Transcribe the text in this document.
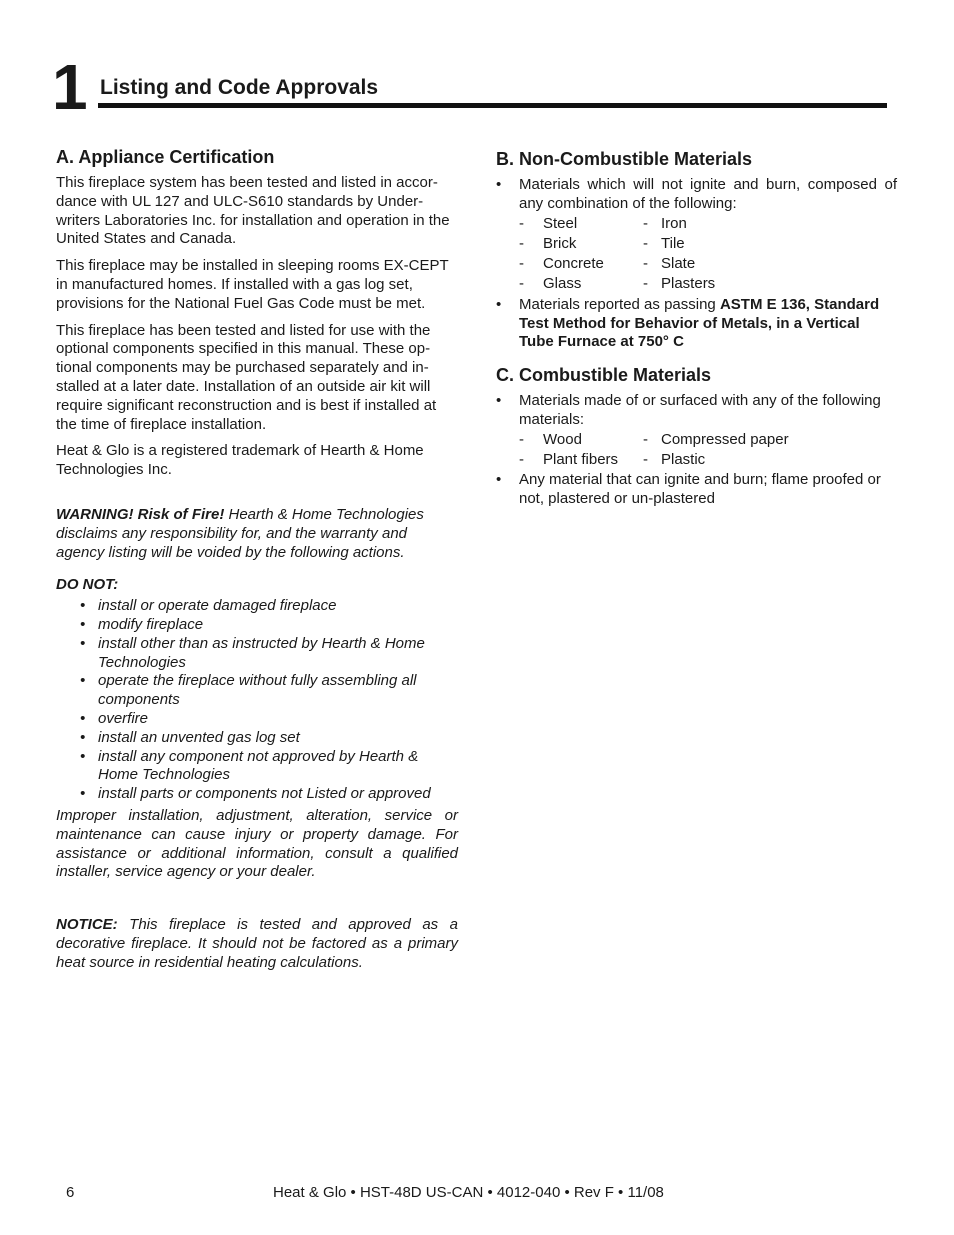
1 Listing and Code Approvals
A. Appliance Certification

This fireplace system has been tested and listed in accor-dance with UL 127 and ULC-S610 standards by Under-writers Laboratories Inc. for installation and operation in the United States and Canada.

This fireplace may be installed in sleeping rooms EX-CEPT in manufactured homes. If installed with a gas log set, provisions for the National Fuel Gas Code must be met.

This fireplace has been tested and listed for use with the optional components specified in this manual. These op-tional components may be purchased separately and in-stalled at a later date. Installation of an outside air kit will require significant reconstruction and is best if installed at the time of fireplace installation.

Heat & Glo is a registered trademark of Hearth & Home Technologies Inc.

WARNING! Risk of Fire! Hearth & Home Technologies disclaims any responsibility for, and the warranty and agency listing will be voided by the following actions.

DO NOT:
• install or operate damaged fireplace
• modify fireplace
• install other than as instructed by Hearth & Home Technologies
• operate the fireplace without fully assembling all components
• overfire
• install an unvented gas log set
• install any component not approved by Hearth & Home Technologies
• install parts or components not Listed or approved

Improper installation, adjustment, alteration, service or maintenance can cause injury or property damage. For assistance or additional information, consult a qualified installer, service agency or your dealer.

NOTICE: This fireplace is tested and approved as a decorative fireplace. It should not be factored as a primary heat source in residential heating calculations.

B. Non-Combustible Materials
• Materials which will not ignite and burn, composed of any combination of the following:
-	Steel	- Iron
-	Brick	- Tile
-	Concrete	- Slate
-	Glass	- Plasters
• Materials reported as passing ASTM E 136, Standard Test Method for Behavior of Metals, in a Vertical Tube Furnace at 750° C
C. Combustible Materials
• Materials made of or surfaced with any of the following materials:
-	Wood	- Compressed paper
-	Plant fibers	- Plastic
• Any material that can ignite and burn; flame proofed or not, plastered or un-plastered
6	Heat & Glo • HST-48D US-CAN • 4012-040 • Rev F • 11/08
